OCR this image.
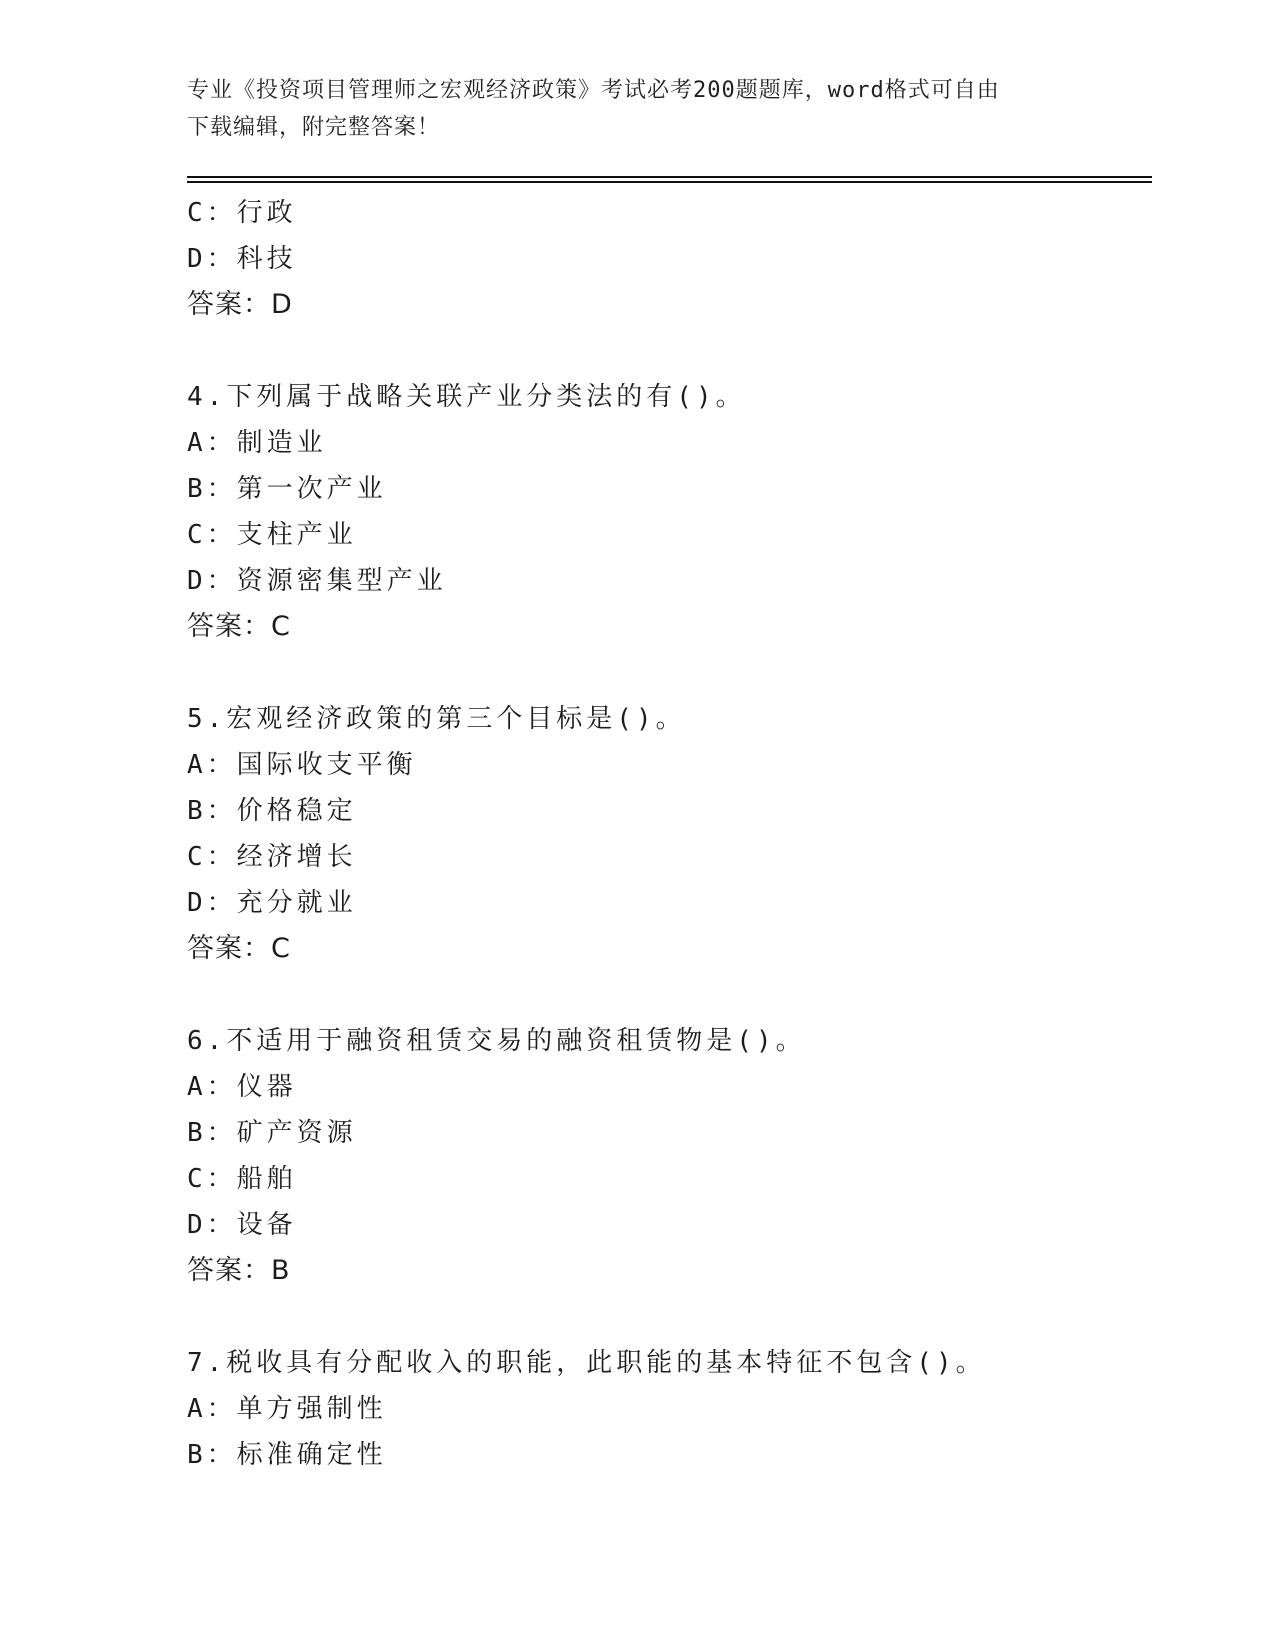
专业《投资项目管理师之宏观经济政策》考试必考200题题库，word格式可自由
下载编辑，附完整答案！
C：行政
D：科技
答案：D
4.下列属于战略关联产业分类法的有()。
A：制造业
B：第一次产业
C：支柱产业
D：资源密集型产业
答案：C
5.宏观经济政策的第三个目标是()。
A：国际收支平衡
B：价格稳定
C：经济增长
D：充分就业
答案：C
6.不适用于融资租赁交易的融资租赁物是()。
A：仪器
B：矿产资源
C：船舶
D：设备
答案：B
7.税收具有分配收入的职能，此职能的基本特征不包含()。
A：单方强制性
B：标准确定性
